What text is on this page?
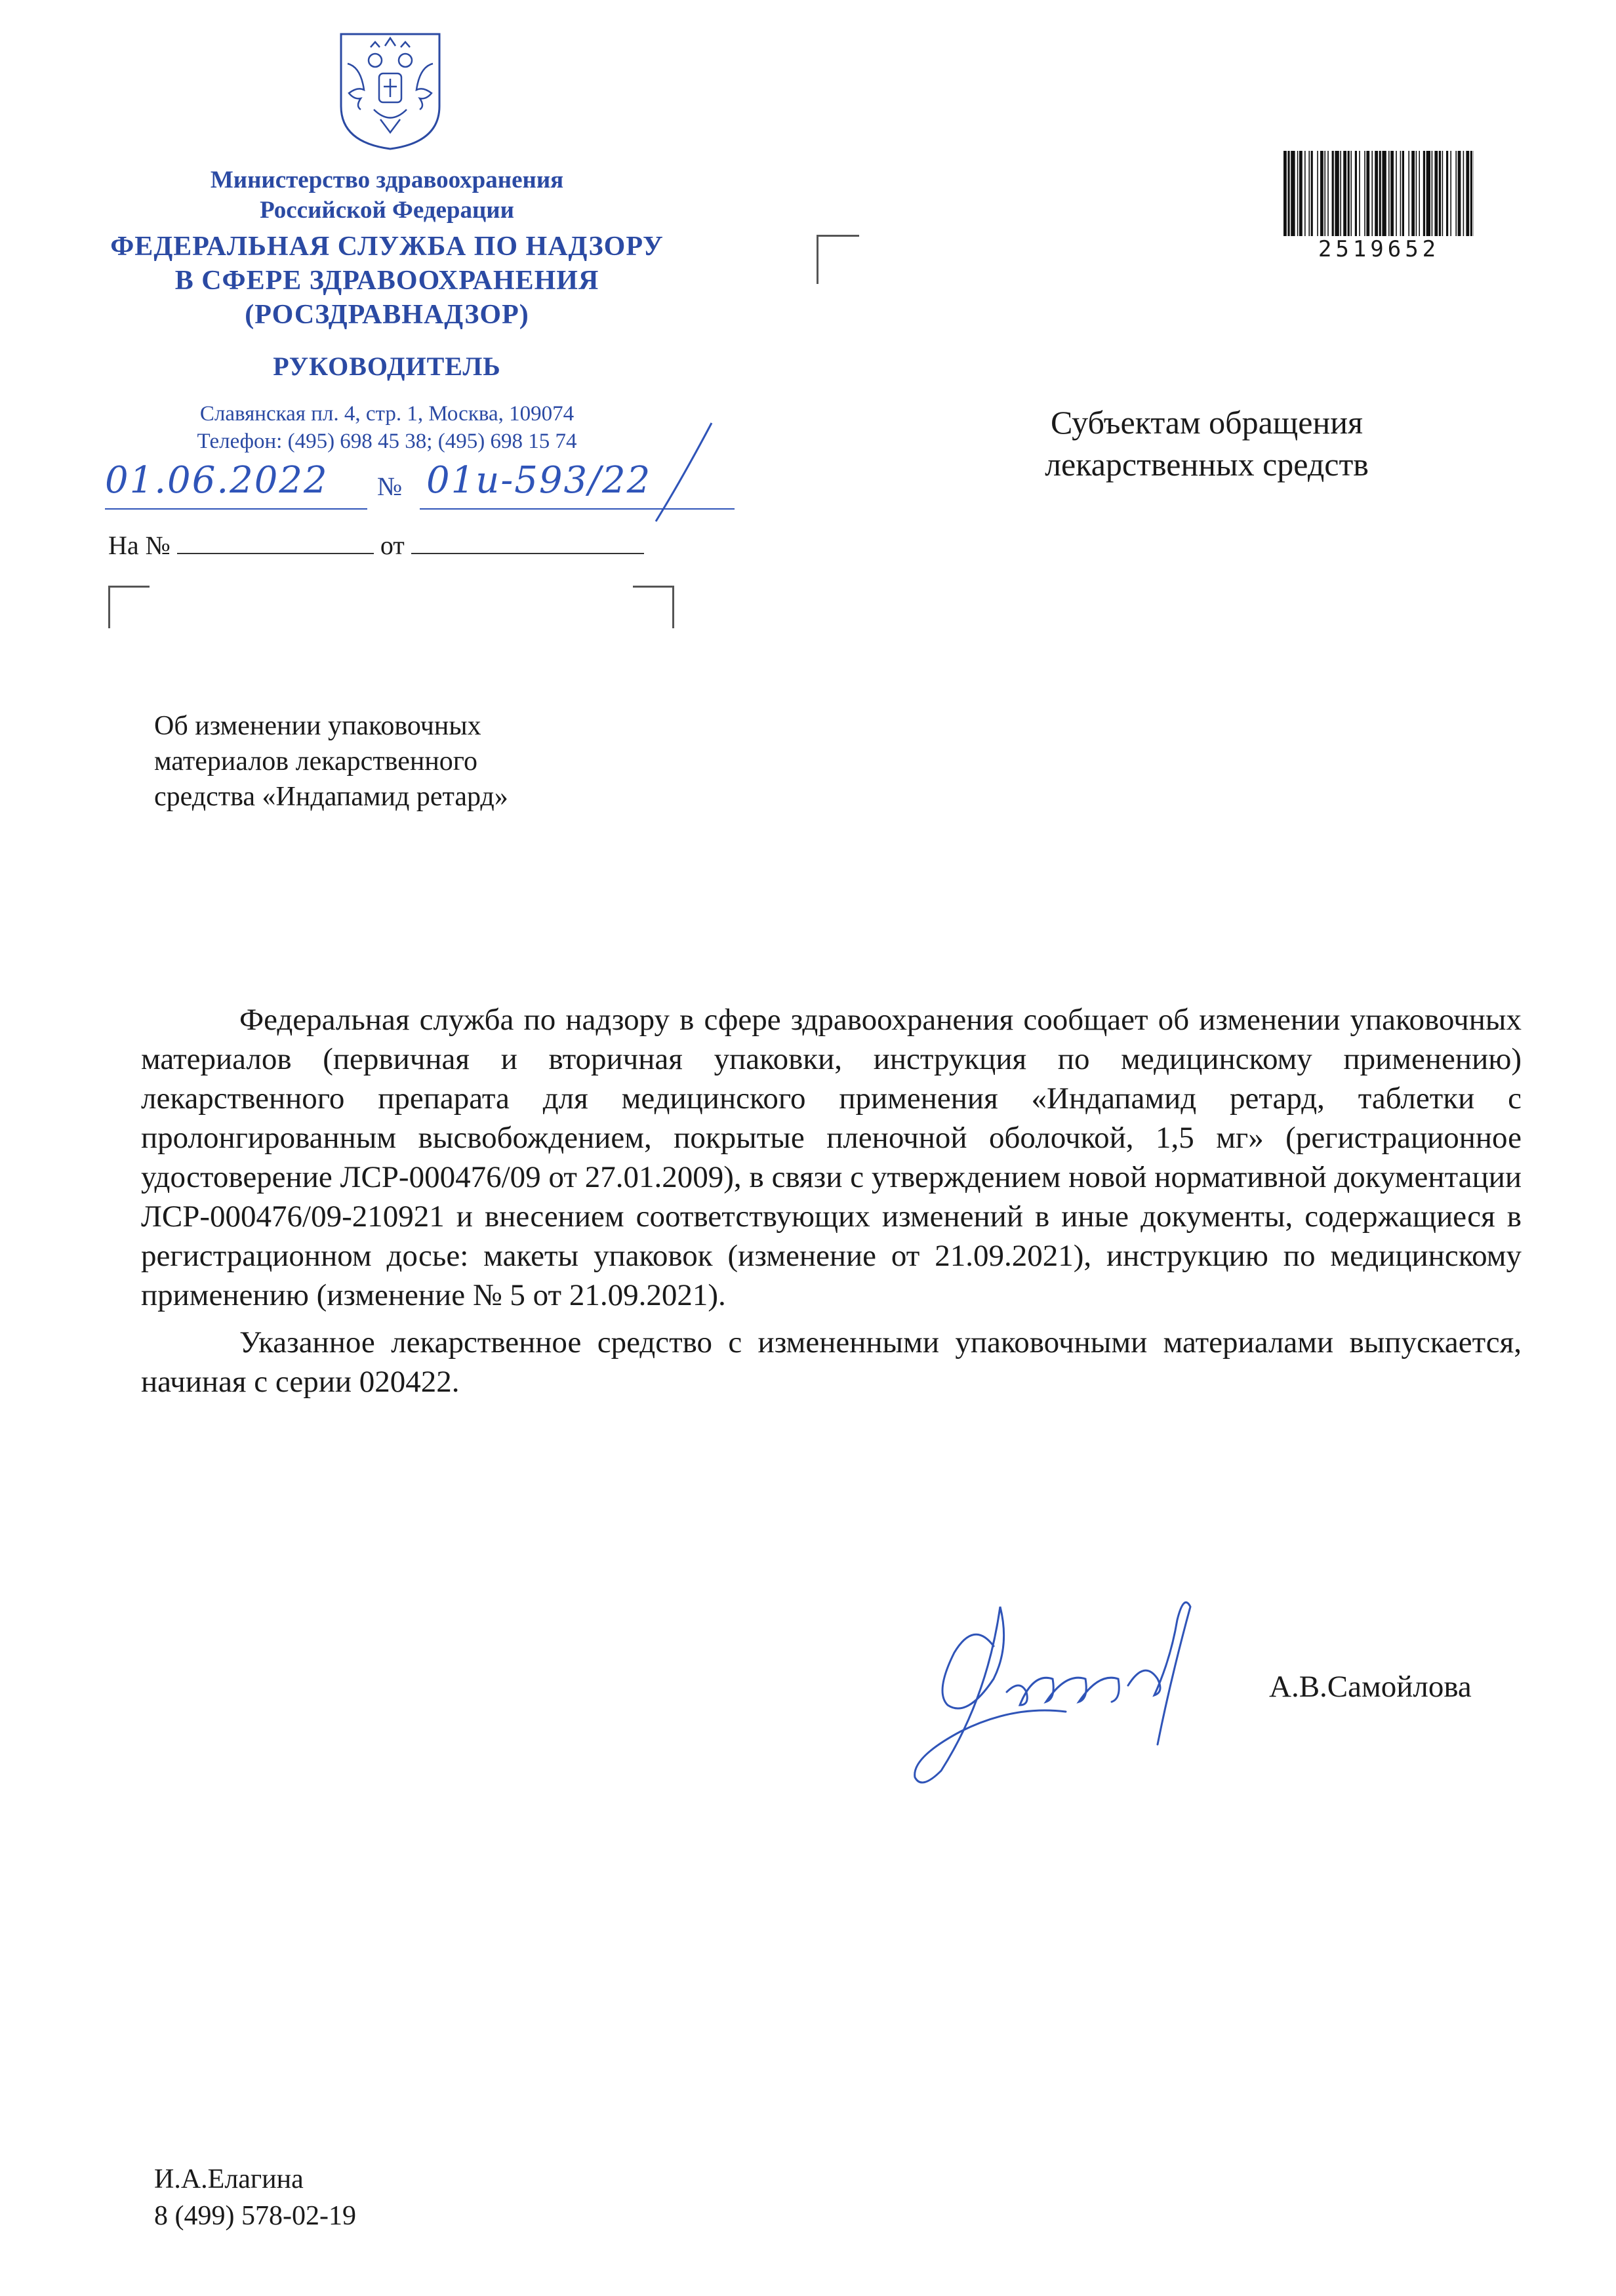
Министерство здравоохранения
Российской Федерации
ФЕДЕРАЛЬНАЯ СЛУЖБА ПО НАДЗОРУ
В СФЕРЕ ЗДРАВООХРАНЕНИЯ
(РОСЗДРАВНАДЗОР)
РУКОВОДИТЕЛЬ
Славянская пл. 4, стр. 1, Москва, 109074
Телефон: (495) 698 45 38; (495) 698 15 74
01.06.2022 № 01и-593/22
На №	от
2519652
Субъектам обращения
лекарственных средств
Об изменении упаковочных
материалов лекарственного
средства «Индапамид ретард»

Федеральная служба по надзору в сфере здравоохранения сообщает об изменении упаковочных материалов (первичная и вторичная упаковки, инструкция по медицинскому применению) лекарственного препарата для медицинского применения «Индапамид ретард, таблетки с пролонгированным высвобождением, покрытые пленочной оболочкой, 1,5 мг» (регистрационное удостоверение ЛСР-000476/09 от 27.01.2009), в связи с утверждением новой нормативной документации ЛСР-000476/09-210921 и внесением соответствующих изменений в иные документы, содержащиеся в регистрационном досье: макеты упаковок (изменение от 21.09.2021), инструкцию по медицинскому применению (изменение № 5 от 21.09.2021).

Указанное лекарственное средство с измененными упаковочными материалами выпускается, начиная с серии 020422.

А.В.Самойлова
И.А.Елагина
8 (499) 578-02-19
